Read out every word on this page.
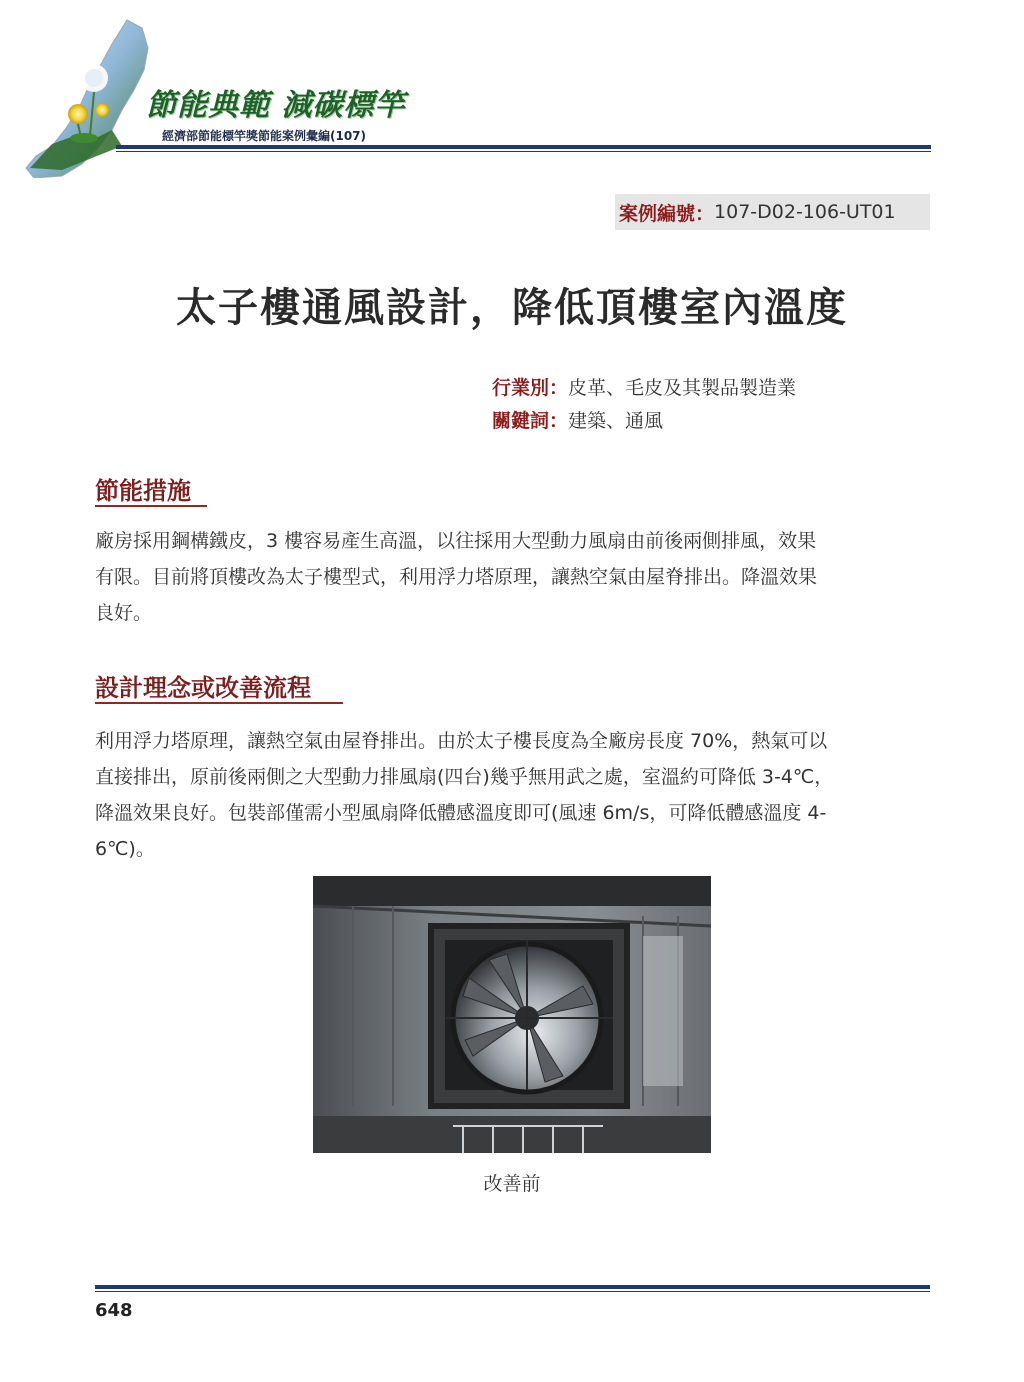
節能典範 減碳標竿
經濟部節能標竿獎節能案例彙編(107)
案例編號： 107-D02-106-UT01
太子樓通風設計，降低頂樓室內溫度
行業別：皮革、毛皮及其製品製造業
關鍵詞：建築、通風
節能措施
廠房採用鋼構鐵皮，3 樓容易產生高溫，以往採用大型動力風扇由前後兩側排風，效果
有限。目前將頂樓改為太子樓型式，利用浮力塔原理，讓熱空氣由屋脊排出。降溫效果
良好。
設計理念或改善流程
利用浮力塔原理，讓熱空氣由屋脊排出。由於太子樓長度為全廠房長度 70%，熱氣可以
直接排出，原前後兩側之大型動力排風扇(四台)幾乎無用武之處，室溫約可降低 3-4℃，
降溫效果良好。包裝部僅需小型風扇降低體感溫度即可(風速 6m/s，可降低體感溫度 4-
6℃)。
改善前
648
